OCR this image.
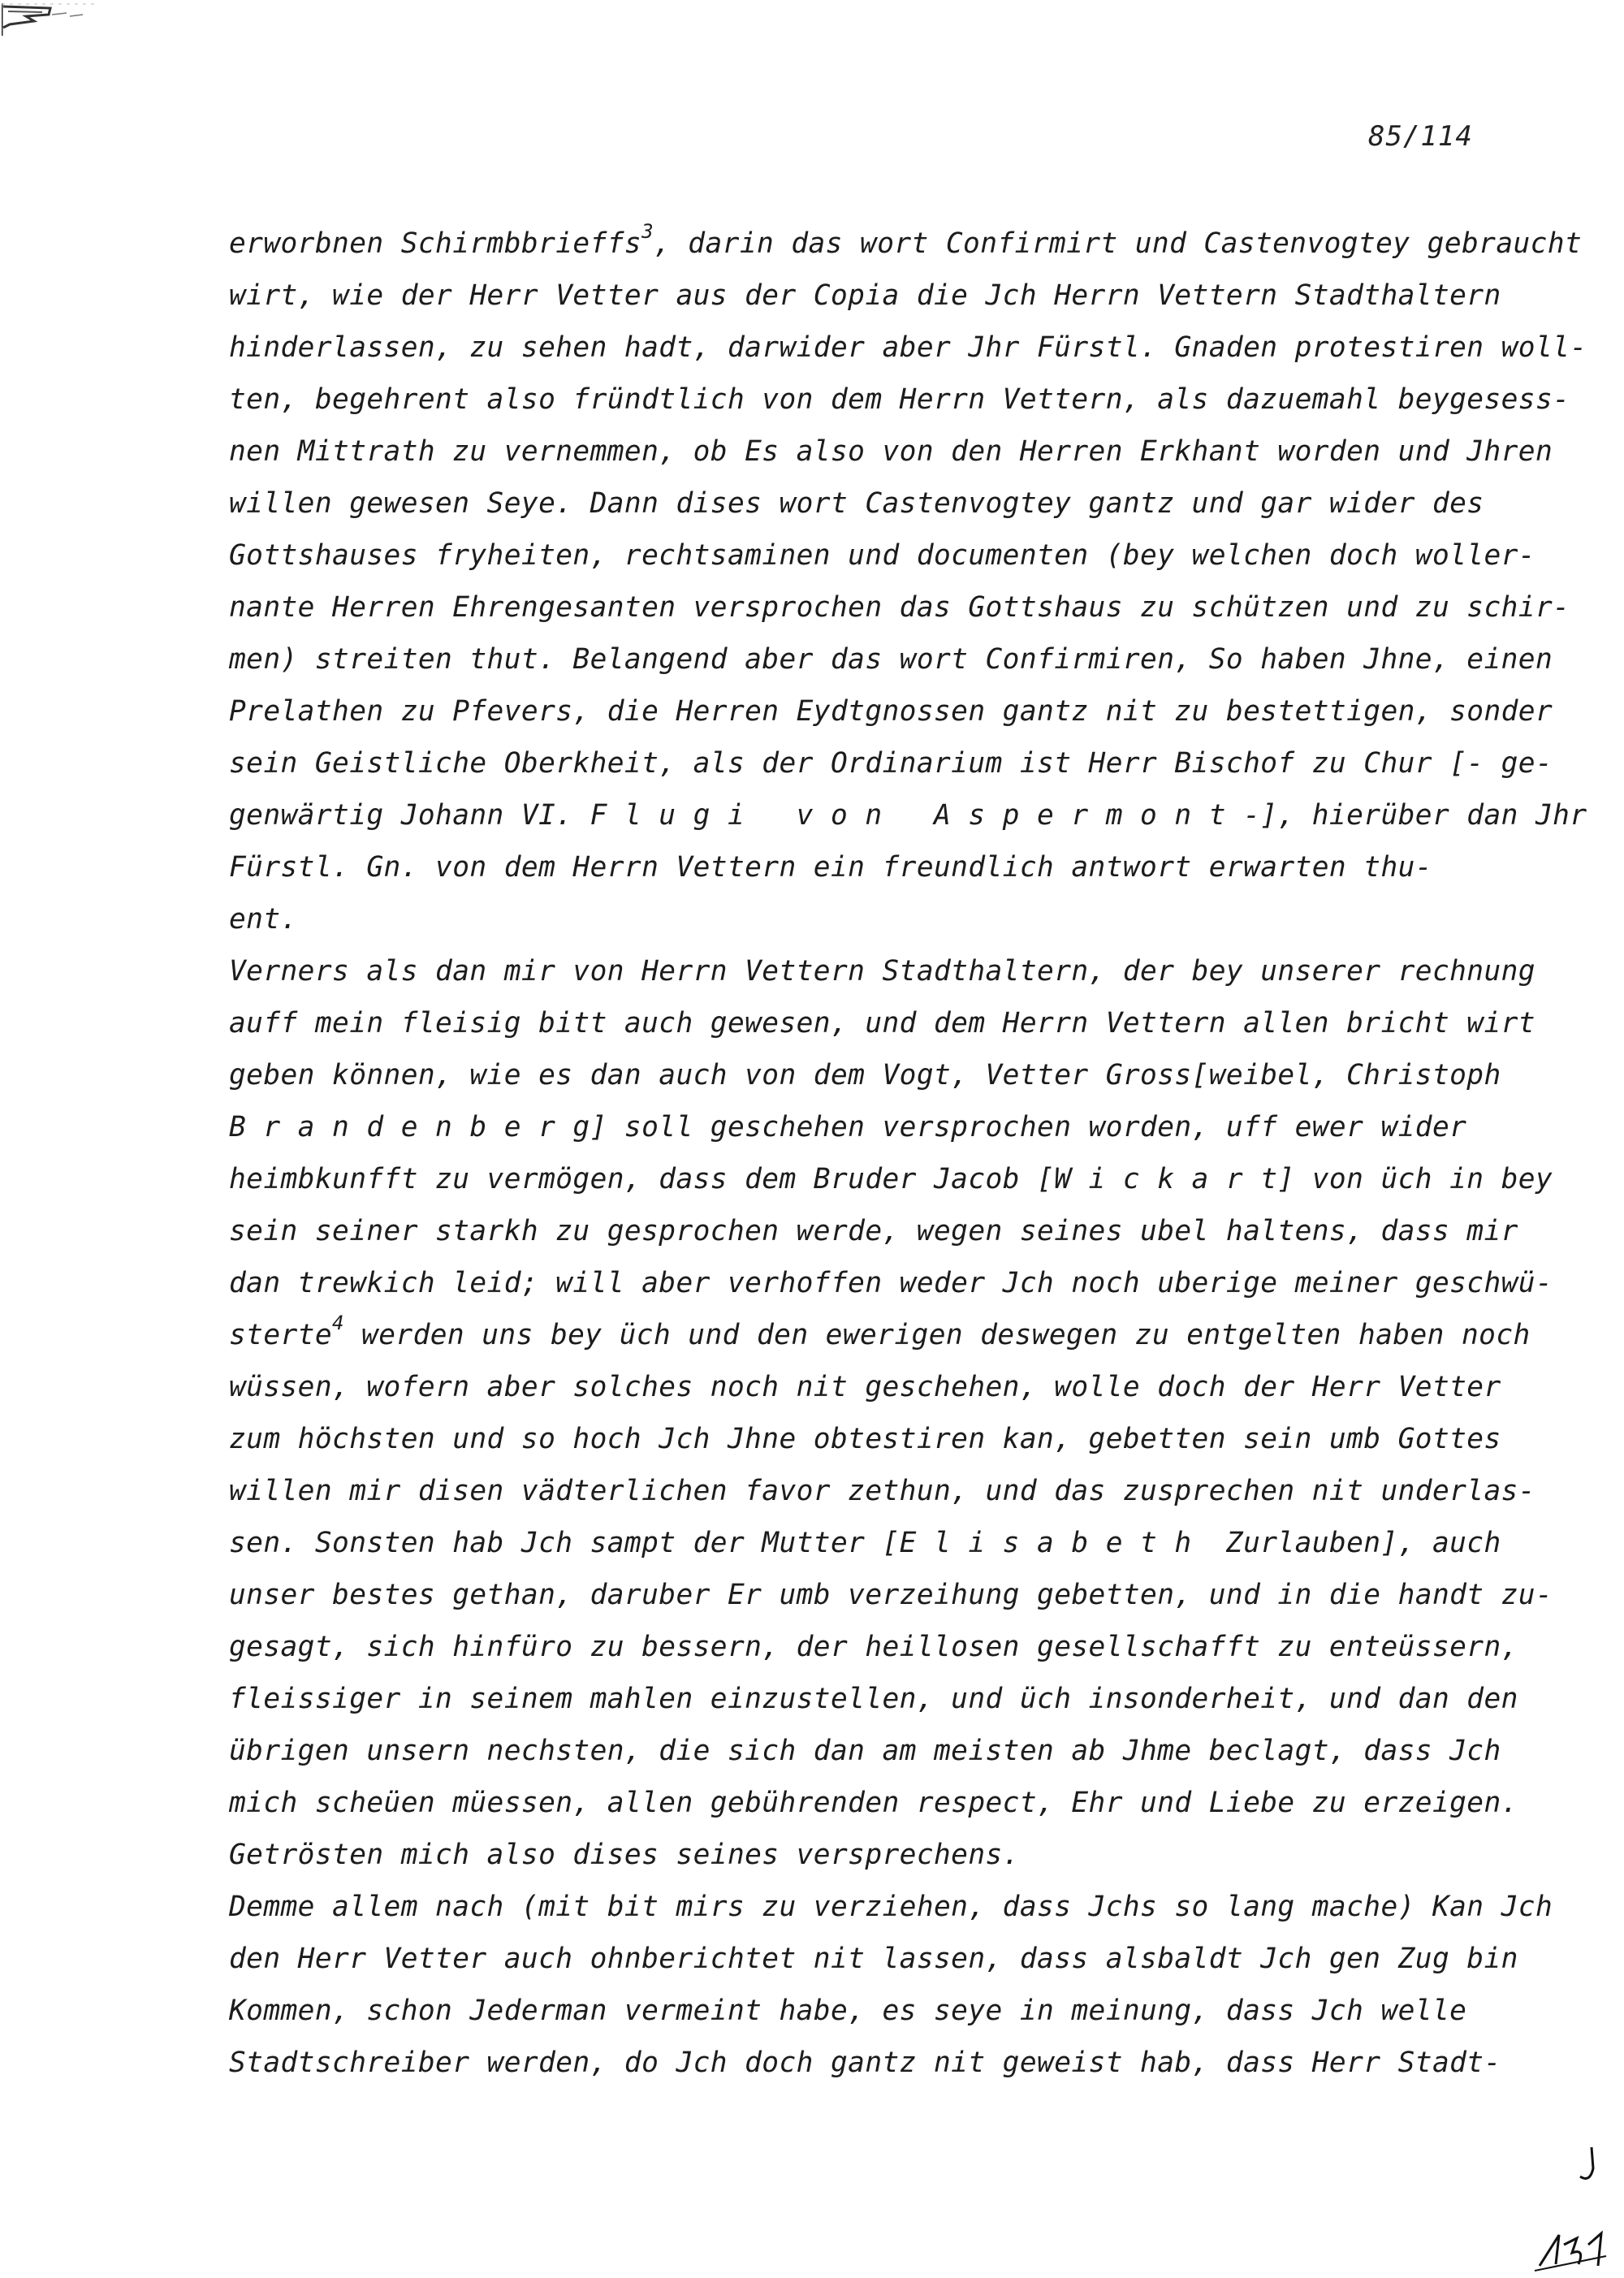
85/114
erworbnen Schirmbbrieffs$^3$, darin das wort Confirmirt und Castenvogtey gebraucht
wirt, wie der Herr Vetter aus der Copia die Jch Herrn Vettern Stadthaltern
hinderlassen, zu sehen hadt, darwider aber Jhr Fürstl. Gnaden protestiren woll-
ten, begehrent also fründtlich von dem Herrn Vettern, als dazuemahl beygesess-
nen Mittrath zu vernemmen, ob Es also von den Herren Erkhant worden und Jhren
willen gewesen Seye. Dann dises wort Castenvogtey gantz und gar wider des
Gottshauses fryheiten, rechtsaminen und documenten (bey welchen doch woller-
nante Herren Ehrengesanten versprochen das Gottshaus zu schützen und zu schir-
men) streiten thut. Belangend aber das wort Confirmiren, So haben Jhne, einen
Prelathen zu Pfevers, die Herren Eydtgnossen gantz nit zu bestettigen, sonder
sein Geistliche Oberkheit, als der Ordinarium ist Herr Bischof zu Chur [- ge-
genwärtig Johann VI. F l u g i   v o n   A s p e r m o n t -], hierüber dan Jhr
Fürstl. Gn. von dem Herrn Vettern ein freundlich antwort erwarten thu-
ent.
Verners als dan mir von Herrn Vettern Stadthaltern, der bey unserer rechnung
auff mein fleisig bitt auch gewesen, und dem Herrn Vettern allen bricht wirt
geben können, wie es dan auch von dem Vogt, Vetter Gross[weibel, Christoph
B r a n d e n b e r g] soll geschehen versprochen worden, uff ewer wider
heimbkunfft zu vermögen, dass dem Bruder Jacob [W i c k a r t] von üch in bey
sein seiner starkh zu gesprochen werde, wegen seines ubel haltens, dass mir
dan trewkich leid; will aber verhoffen weder Jch noch uberige meiner geschwü-
sterte$^4$ werden uns bey üch und den ewerigen deswegen zu entgelten haben noch
wüssen, wofern aber solches noch nit geschehen, wolle doch der Herr Vetter
zum höchsten und so hoch Jch Jhne obtestiren kan, gebetten sein umb Gottes
willen mir disen vädterlichen favor zethun, und das zusprechen nit underlas-
sen. Sonsten hab Jch sampt der Mutter [E l i s a b e t h  Zurlauben], auch
unser bestes gethan, daruber Er umb verzeihung gebetten, und in die handt zu-
gesagt, sich hinfüro zu bessern, der heillosen gesellschafft zu enteüssern,
fleissiger in seinem mahlen einzustellen, und üch insonderheit, und dan den
übrigen unsern nechsten, die sich dan am meisten ab Jhme beclagt, dass Jch
mich scheüen müessen, allen gebührenden respect, Ehr und Liebe zu erzeigen.
Getrösten mich also dises seines versprechens.
Demme allem nach (mit bit mirs zu verziehen, dass Jchs so lang mache) Kan Jch
den Herr Vetter auch ohnberichtet nit lassen, dass alsbaldt Jch gen Zug bin
Kommen, schon Jederman vermeint habe, es seye in meinung, dass Jch welle
Stadtschreiber werden, do Jch doch gantz nit geweist hab, dass Herr Stadt-
